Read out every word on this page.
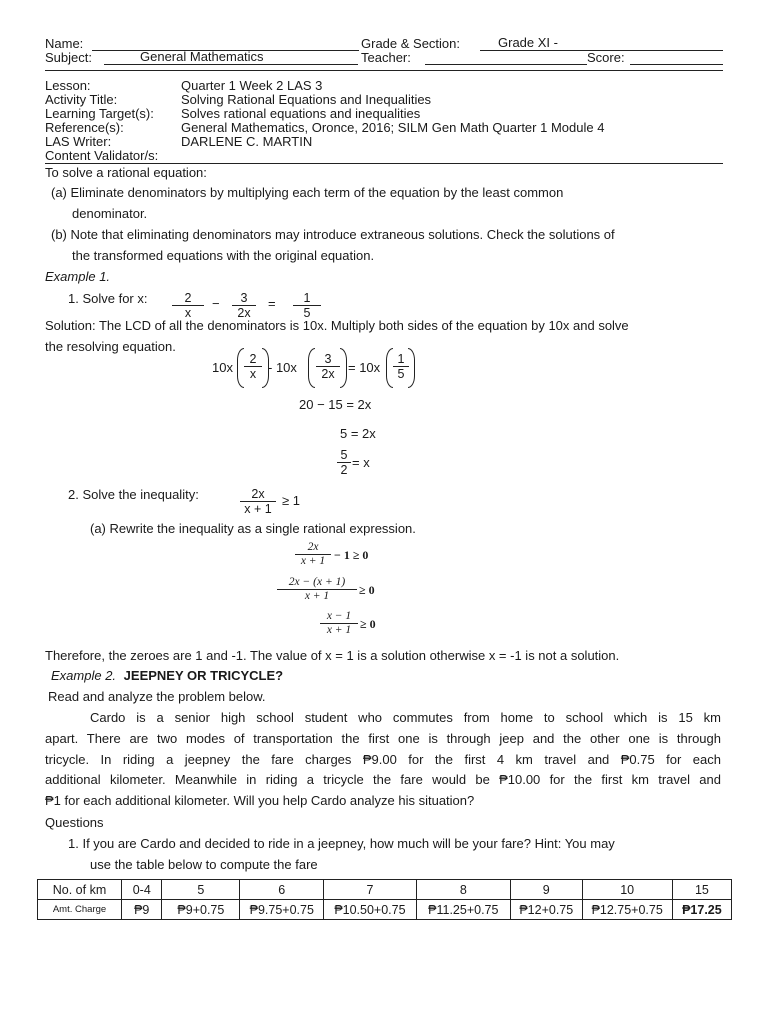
Name:	Grade & Section:	Grade XI -
Subject:	General Mathematics	Teacher:	Score:
Lesson:	Quarter 1 Week 2 LAS 3
Activity Title:	Solving Rational Equations and Inequalities
Learning Target(s): Solves rational equations and inequalities
Reference(s):	General Mathematics, Oronce, 2016; SILM Gen Math Quarter 1 Module 4
LAS Writer:	DARLENE C. MARTIN
Content Validator/s:
To solve a rational equation:
(a) Eliminate denominators by multiplying each term of the equation by the least common
denominator.
(b) Note that eliminating denominators may introduce extraneous solutions. Check the solutions of
the transformed equations with the original equation.
Example 1.
1. Solve for x: $\frac{2}{x} - \frac{3}{2x} = \frac{1}{5}$
Solution: The LCD of all the denominators is 10x. Multiply both sides of the equation by 10x and solve
the resolving equation.
$10x \frac{2}{x} - 10x \frac{3}{2x} = 10x \frac{1}{5}$
20 − 15 = 2x
5 = 2x
$\frac{5}{2} = x$
2. Solve the inequality:	$\frac{2x}{x + 1} \ge 1$
(a) Rewrite the inequality as a single rational expression.
$\frac{2x}{x + 1} - 1 \ge 0$
$\frac{2x - (x + 1)}{x + 1} \ge 0$
$\frac{x - 1}{x + 1} \ge 0$
Therefore, the zeroes are 1 and -1. The value of x = 1 is a solution otherwise x = -1 is not a solution.
Example 2. JEEPNEY OR TRICYCLE?
Read and analyze the problem below.
Cardo is a senior high school student who commutes from home to school which is 15 km
apart. There are two modes of transportation the first one is through jeep and the other one is through
tricycle. In riding a jeepney the fare charges ₱9.00 for the first 4 km travel and ₱0.75 for each
additional kilometer. Meanwhile in riding a tricycle the fare would be ₱10.00 for the first km travel and
₱1 for each additional kilometer. Will you help Cardo analyze his situation?
Questions
1. If you are Cardo and decided to ride in a jeepney, how much will be your fare? Hint: You may
use the table below to compute the fare
No. of km	0-4	5	6	7	8	9	10	15
Amt. Charge	₱9	₱9+0.75	₱9.75+0.75	₱10.50+0.75	₱11.25+0.75	₱12+0.75	₱12.75+0.75	₱17.25
